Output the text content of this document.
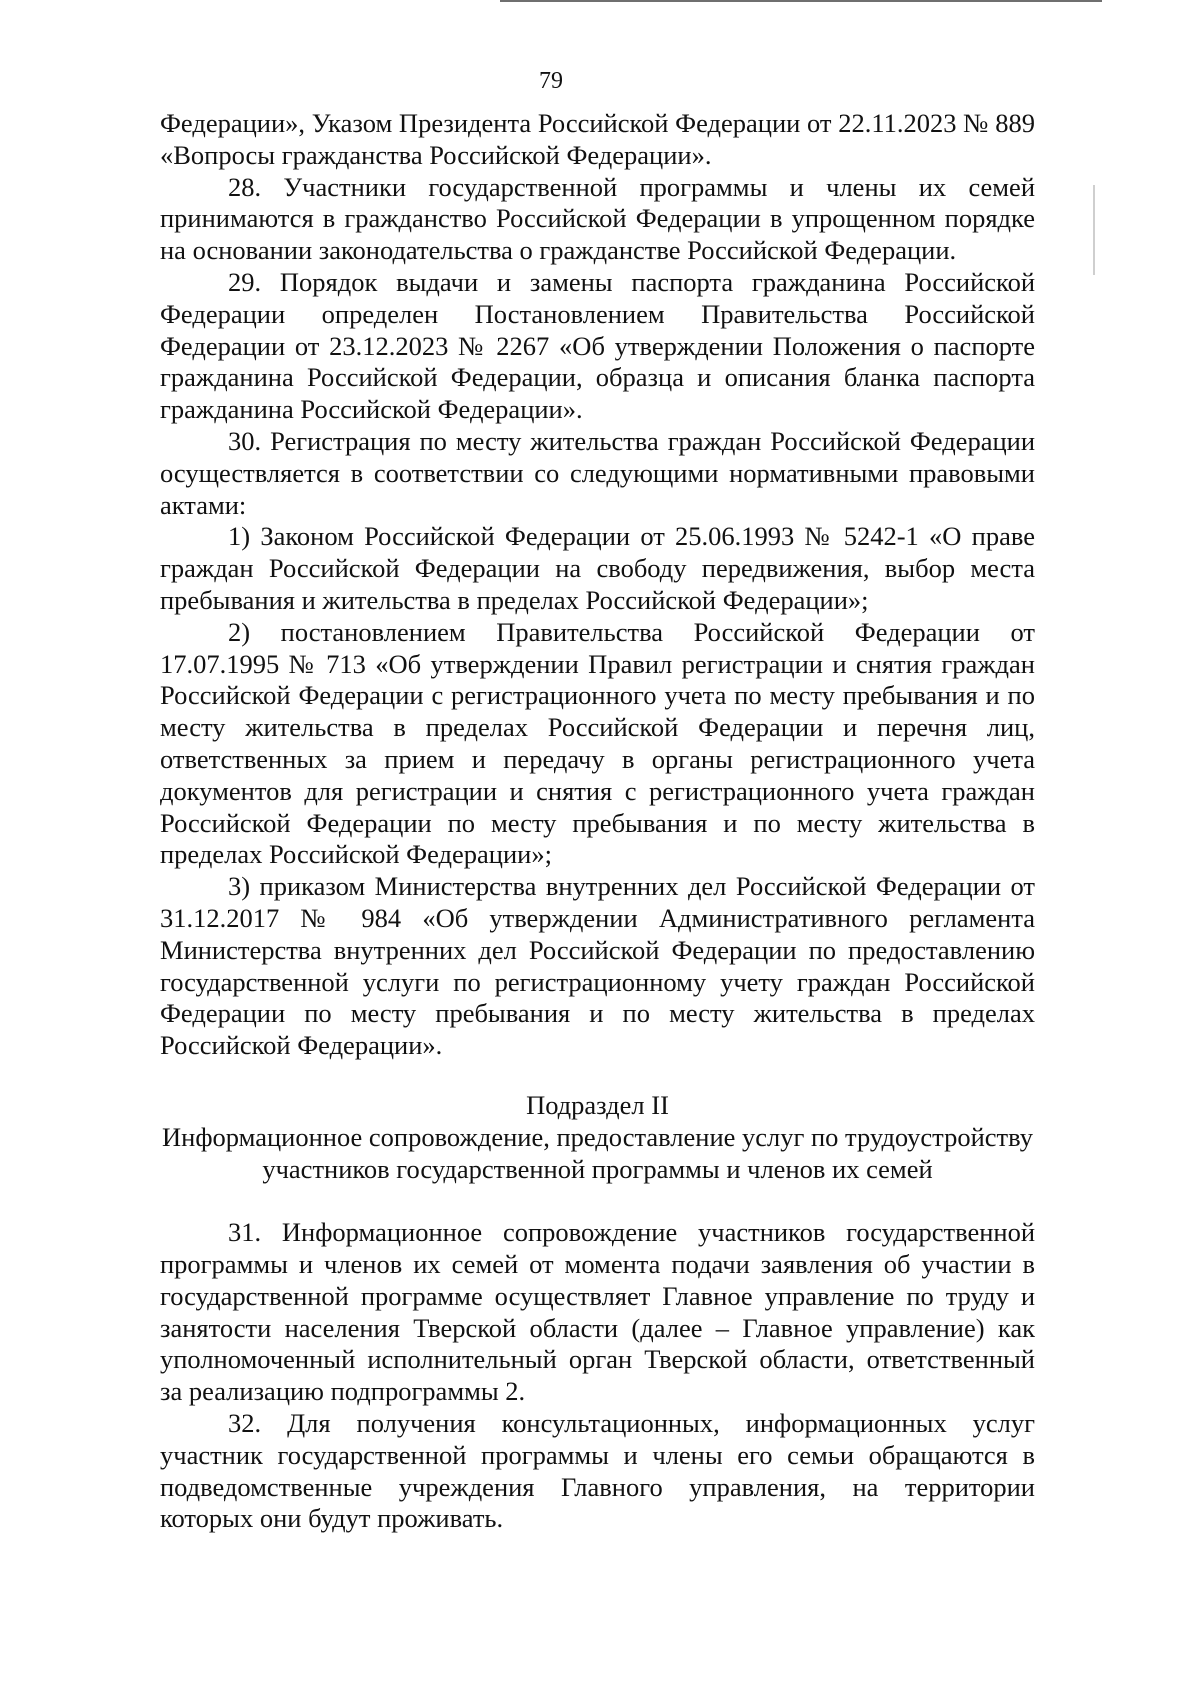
79

Федерации», Указом Президента Российской Федерации от 22.11.2023 № 889 «Вопросы гражданства Российской Федерации».

28. Участники государственной программы и члены их семей принимаются в гражданство Российской Федерации в упрощенном порядке на основании законодательства о гражданстве Российской Федерации.

29. Порядок выдачи и замены паспорта гражданина Российской Федерации определен Постановлением Правительства Российской Федерации от 23.12.2023 № 2267 «Об утверждении Положения о паспорте гражданина Российской Федерации, образца и описания бланка паспорта гражданина Российской Федерации».

30. Регистрация по месту жительства граждан Российской Федерации осуществляется в соответствии со следующими нормативными правовыми актами:

1) Законом Российской Федерации от 25.06.1993 № 5242-1 «О праве граждан Российской Федерации на свободу передвижения, выбор места пребывания и жительства в пределах Российской Федерации»;

2) постановлением Правительства Российской Федерации от 17.07.1995 № 713 «Об утверждении Правил регистрации и снятия граждан Российской Федерации с регистрационного учета по месту пребывания и по месту жительства в пределах Российской Федерации и перечня лиц, ответственных за прием и передачу в органы регистрационного учета документов для регистрации и снятия с регистрационного учета граждан Российской Федерации по месту пребывания и по месту жительства в пределах Российской Федерации»;

3) приказом Министерства внутренних дел Российской Федерации от 31.12.2017 № 984 «Об утверждении Административного регламента Министерства внутренних дел Российской Федерации по предоставлению государственной услуги по регистрационному учету граждан Российской Федерации по месту пребывания и по месту жительства в пределах Российской Федерации».

Подраздел II

Информационное сопровождение, предоставление услуг по трудоустройству

участников государственной программы и членов их семей

31. Информационное сопровождение участников государственной программы и членов их семей от момента подачи заявления об участии в государственной программе осуществляет Главное управление по труду и занятости населения Тверской области (далее – Главное управление) как уполномоченный исполнительный орган Тверской области, ответственный за реализацию подпрограммы 2.

32. Для получения консультационных, информационных услуг участник государственной программы и члены его семьи обращаются в подведомственные учреждения Главного управления, на территории которых они будут проживать.
